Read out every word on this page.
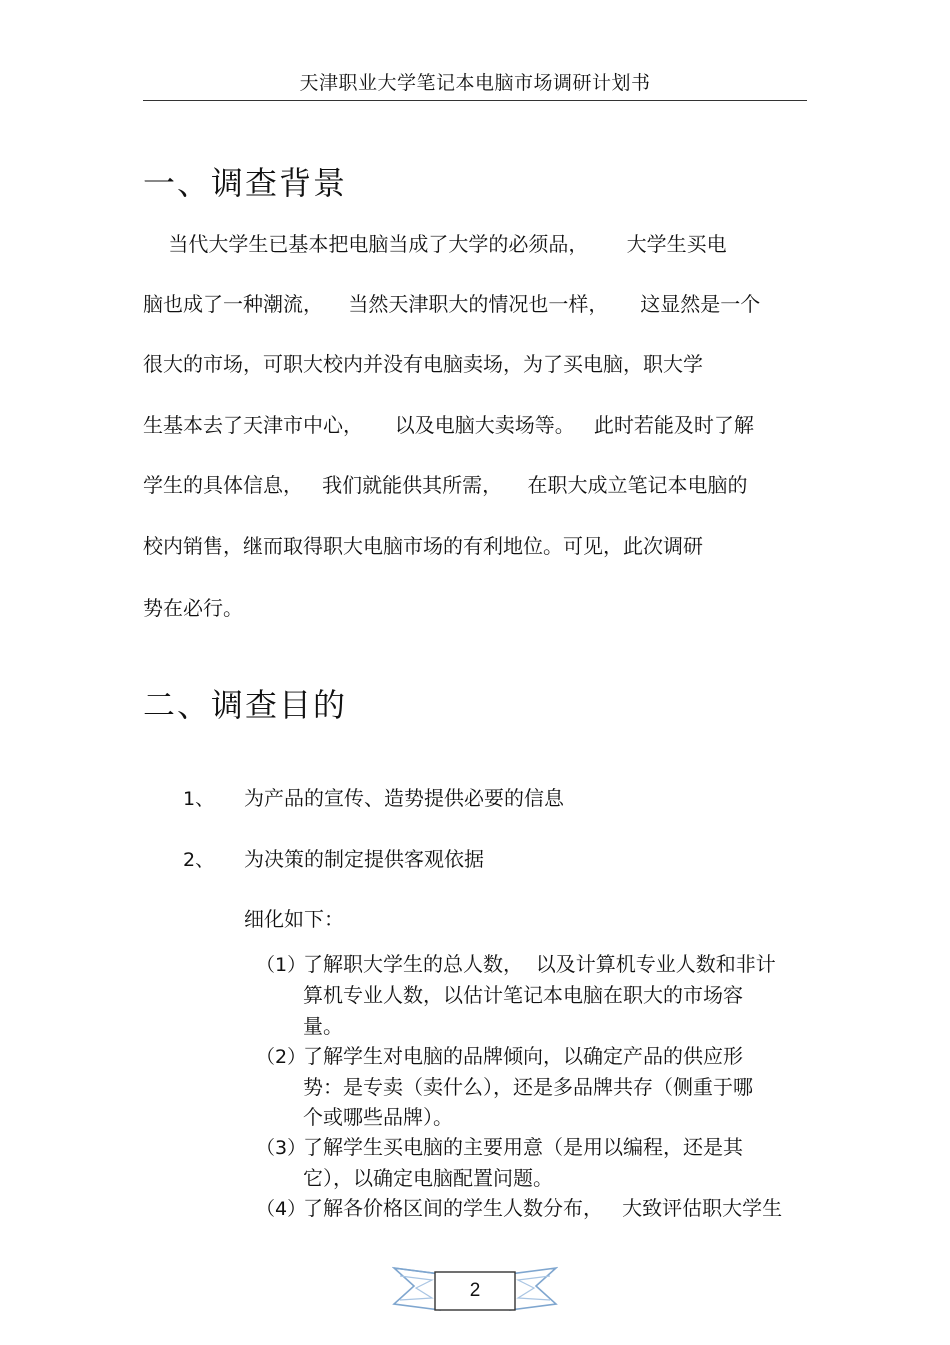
天津职业大学笔记本电脑市场调研计划书
一、调查背景
当代大学生已基本把电脑当成了大学的必须品，      大学生买电
脑也成了一种潮流，    当然天津职大的情况也一样，     这显然是一个
很大的市场，可职大校内并没有电脑卖场，为了买电脑，职大学
生基本去了天津市中心，     以及电脑大卖场等。   此时若能及时了解
学生的具体信息，   我们就能供其所需，    在职大成立笔记本电脑的
校内销售，继而取得职大电脑市场的有利地位。可见，此次调研
势在必行。
二、调查目的
1、 为产品的宣传、造势提供必要的信息
2、 为决策的制定提供客观依据
细化如下：
（1）
了解职大学生的总人数，  以及计算机专业人数和非计
算机专业人数，以估计笔记本电脑在职大的市场容
量。
（2）
了解学生对电脑的品牌倾向，以确定产品的供应形
势：是专卖（卖什么），还是多品牌共存（侧重于哪
个或哪些品牌）。
（3）
了解学生买电脑的主要用意（是用以编程，还是其
它），以确定电脑配置问题。
（4）
了解各价格区间的学生人数分布，   大致评估职大学生
2
